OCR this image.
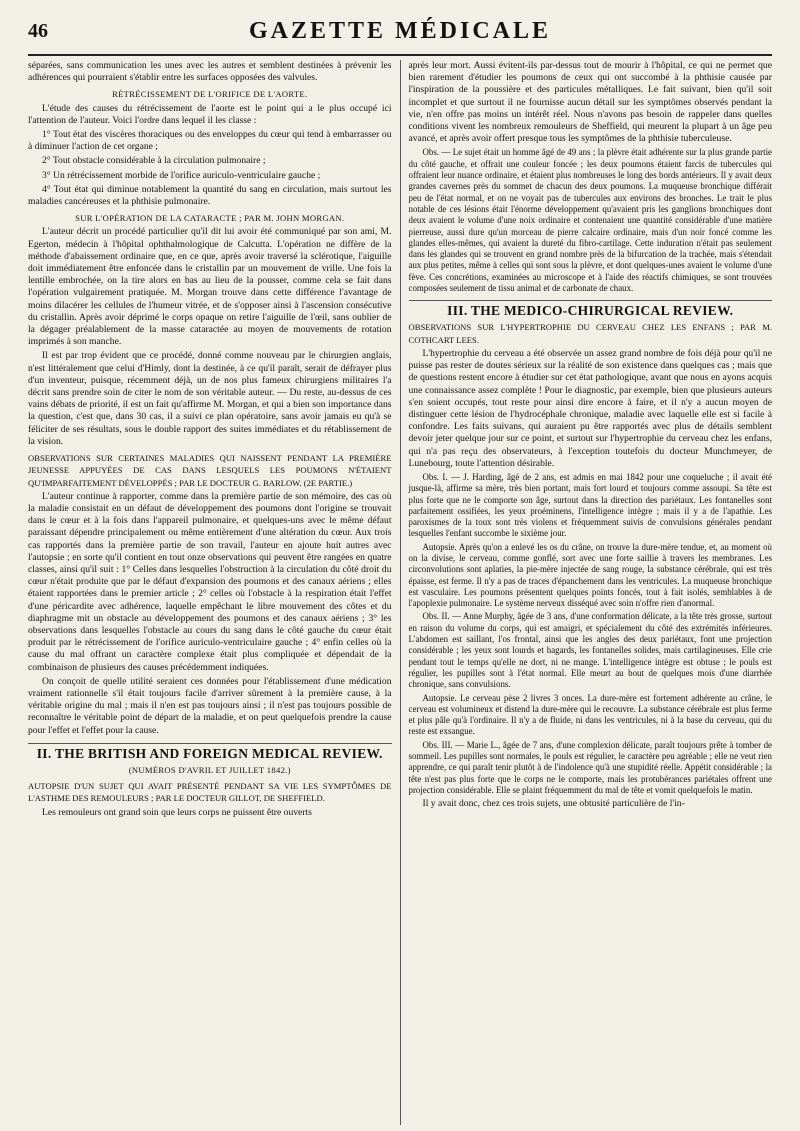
46	GAZETTE MÉDICALE

séparées, sans communication les unes avec les autres et semblent destinées à prévenir les adhérences qui pourraient s'établir entre les surfaces opposées des valvules.

RÉTRÉCISSEMENT DE L'ORIFICE DE L'AORTE.

L'étude des causes du rétrécissement de l'aorte est le point qui a le plus occupé ici l'attention de l'auteur. Voici l'ordre dans lequel il les classe :

1° Tout état des viscères thoraciques ou des enveloppes du cœur qui tend à embarrasser ou à diminuer l'action de cet organe ;

2° Tout obstacle considérable à la circulation pulmonaire ;

3° Un rétrécissement morbide de l'orifice auriculo-ventriculaire gauche ;

4° Tout état qui diminue notablement la quantité du sang en circulation, mais surtout les maladies cancéreuses et la phthisie pulmonaire.

SUR L'OPÉRATION DE LA CATARACTE ; PAR M. JOHN MORGAN.

L'auteur décrit un procédé particulier qu'il dit lui avoir été communiqué par son ami, M. Egerton, médecin à l'hôpital ophthalmologique de Calcutta. L'opération ne diffère de la méthode d'abaissement ordinaire que, en ce que, après avoir traversé la sclérotique, l'aiguille doit immédiatement être enfoncée dans le cristallin par un mouvement de vrille. Une fois la lentille embrochée, on la tire alors en bas au lieu de la pousser, comme cela se fait dans l'opération vulgairement pratiquée. M. Morgan trouve dans cette différence l'avantage de moins dilacérer les cellules de l'humeur vitrée, et de s'opposer ainsi à l'ascension consécutive du cristallin. Après avoir déprimé le corps opaque on retire l'aiguille de l'œil, sans oublier de la dégager préalablement de la masse cataractée au moyen de mouvements de rotation imprimés à son manche.

Il est par trop évident que ce procédé, donné comme nouveau par le chirurgien anglais, n'est littéralement que celui d'Himly, dont la destinée, à ce qu'il paraît, serait de défrayer plus d'un inventeur, puisque, récemment déjà, un de nos plus fameux chirurgiens militaires l'a décrit sans prendre soin de citer le nom de son véritable auteur. — Du reste, au-dessus de ces vains débats de priorité, il est un fait qu'affirme M. Morgan, et qui a bien son importance dans la question, c'est que, dans 30 cas, il a suivi ce plan opératoire, sans avoir jamais eu qu'à se féliciter de ses résultats, sous le double rapport des suites immédiates et du rétablissement de la vision.

OBSERVATIONS SUR CERTAINES MALADIES QUI NAISSENT PENDANT LA PREMIÈRE JEUNESSE APPUYÉES DE CAS DANS LESQUELS LES POUMONS N'ÉTAIENT QU'IMPARFAITEMENT DÉVELOPPÉS ; PAR LE DOCTEUR G. BARLOW. (2E PARTIE.)

L'auteur continue à rapporter, comme dans la première partie de son mémoire, des cas où la maladie consistait en un défaut de développement des poumons dont l'origine se trouvait dans le cœur et à la fois dans l'appareil pulmonaire, et quelques-uns avec le même défaut paraissant dépendre principalement ou même entièrement d'une altération du cœur. Aux trois cas rapportés dans la première partie de son travail, l'auteur en ajoute huit autres avec l'autopsie ; en sorte qu'il contient en tout onze observations qui peuvent être rangées en quatre classes, ainsi qu'il suit : 1° Celles dans lesquelles l'obstruction à la circulation du côté droit du cœur n'était produite que par le défaut d'expansion des poumons et des canaux aériens ; elles étaient rapportées dans le premier article ; 2° celles où l'obstacle à la respiration était l'effet d'une péricardite avec adhérence, laquelle empêchant le libre mouvement des côtes et du diaphragme mit un obstacle au développement des poumons et des canaux aériens ; 3° les observations dans lesquelles l'obstacle au cours du sang dans le côté gauche du cœur était produit par le rétrécissement de l'orifice auriculo-ventriculaire gauche ; 4° enfin celles où la cause du mal offrant un caractère complexe était plus compliquée et dépendait de la combinaison de plusieurs des causes précédemment indiquées.

On conçoit de quelle utilité seraient ces données pour l'établissement d'une médication vraiment rationnelle s'il était toujours facile d'arriver sûrement à la première cause, à la véritable origine du mal ; mais il n'en est pas toujours ainsi ; il n'est pas toujours possible de reconnaître le véritable point de départ de la maladie, et on peut quelquefois prendre la cause pour l'effet et l'effet pour la cause.

II. THE BRITISH AND FOREIGN MEDICAL REVIEW.

(NUMÉROS D'AVRIL ET JUILLET 1842.)

AUTOPSIE D'UN SUJET QUI AVAIT PRÉSENTÉ PENDANT SA VIE LES SYMPTÔMES DE L'ASTHME DES REMOULEURS ; PAR LE DOCTEUR GILLOT, DE SHEFFIELD.

Les remouleurs ont grand soin que leurs corps ne puissent être ouverts

après leur mort. Aussi évitent-ils par-dessus tout de mourir à l'hôpital, ce qui ne permet que bien rarement d'étudier les poumons de ceux qui ont succombé à la phthisie causée par l'inspiration de la poussière et des particules métalliques. Le fait suivant, bien qu'il soit incomplet et que surtout il ne fournisse aucun détail sur les symptômes observés pendant la vie, n'en offre pas moins un intérêt réel. Nous n'avons pas besoin de rappeler dans quelles conditions vivent les nombreux remouleurs de Sheffield, qui meurent la plupart à un âge peu avancé, et après avoir offert presque tous les symptômes de la phthisie tuberculeuse.

Obs. — Le sujet était un homme âgé de 49 ans ; la plèvre était adhérente sur la plus grande partie du côté gauche, et offrait une couleur foncée ; les deux poumons étaient farcis de tubercules qui offraient leur nuance ordinaire, et étaient plus nombreuses le long des bords antérieurs. Il y avait deux grandes cavernes près du sommet de chacun des deux poumons. La muqueuse bronchique différait peu de l'état normal, et on ne voyait pas de tubercules aux environs des bronches. Le trait le plus notable de ces lésions était l'énorme développement qu'avaient pris les ganglions bronchiques dont deux avaient le volume d'une noix ordinaire et contenaient une quantité considérable d'une matière pierreuse, aussi dure qu'un morceau de pierre calcaire ordinaire, mais d'un noir foncé comme les glandes elles-mêmes, qui avaient la dureté du fibro-cartilage. Cette induration n'était pas seulement dans les glandes qui se trouvent en grand nombre près de la bifurcation de la trachée, mais s'étendait aux plus petites, même à celles qui sont sous la plèvre, et dont quelques-unes avaient le volume d'une fève. Ces concrétions, examinées au microscope et à l'aide des réactifs chimiques, se sont trouvées composées seulement de tissu animal et de carbonate de chaux.

III. THE MEDICO-CHIRURGICAL REVIEW.

OBSERVATIONS SUR L'HYPERTROPHIE DU CERVEAU CHEZ LES ENFANS ; PAR M. COTHCART LEES.

L'hypertrophie du cerveau a été observée un assez grand nombre de fois déjà pour qu'il ne puisse pas rester de doutes sérieux sur la réalité de son existence dans quelques cas ; mais que de questions restent encore à étudier sur cet état pathologique, avant que nous en ayons acquis une connaissance assez complète ! Pour le diagnostic, par exemple, bien que plusieurs auteurs s'en soient occupés, tout reste pour ainsi dire encore à faire, et il n'y a aucun moyen de distinguer cette lésion de l'hydrocéphale chronique, maladie avec laquelle elle est si facile à confondre. Les faits suivans, qui auraient pu être rapportés avec plus de détails semblent devoir jeter quelque jour sur ce point, et surtout sur l'hypertrophie du cerveau chez les enfans, qui n'a pas reçu des observateurs, à l'exception toutefois du docteur Munchmeyer, de Lunebourg, toute l'attention désirable.

Obs. I. — J. Harding, âgé de 2 ans, est admis en mai 1842 pour une coqueluche ; il avait été jusque-là, affirme sa mère, très bien portant, mais fort lourd et toujours comme assoupi. Sa tête est plus forte que ne le comporte son âge, surtout dans la direction des pariétaux. Les fontanelles sont parfaitement ossifiées, les yeux proéminens, l'intelligence intègre ; mais il y a de l'apathie. Les paroxismes de la toux sont très violens et fréquemment suivis de convulsions générales pendant lesquelles l'enfant succombe le sixième jour.

Autopsie. Après qu'on a enlevé les os du crâne, on trouve la dure-mère tendue, et, au moment où on la divise, le cerveau, comme gonflé, sort avec une forte saillie à travers les membranes. Les circonvolutions sont aplaties, la pie-mère injectée de sang rouge, la substance cérébrale, qui est très épaisse, est ferme. Il n'y a pas de traces d'épanchement dans les ventricules. La muqueuse bronchique est vasculaire. Les poumons présentent quelques points foncés, tout à fait isolés, semblables à de l'apoplexie pulmonaire. Le système nerveux disséqué avec soin n'offre rien d'anormal.

Obs. II. — Anne Murphy, âgée de 3 ans, d'une conformation délicate, a la tête très grosse, surtout en raison du volume du corps, qui est amaigri, et spécialement du côté des extrémités inférieures. L'abdomen est saillant, l'os frontal, ainsi que les angles des deux pariétaux, font une projection considérable ; les yeux sont lourds et hagards, les fontanelles solides, mais cartilagineuses. Elle crie pendant tout le temps qu'elle ne dort, ni ne mange. L'intelligence intègre est obtuse ; le pouls est régulier, les pupilles sont à l'état normal. Elle meurt au bout de quelques mois d'une diarrhée chronique, sans convulsions.

Autopsie. Le cerveau pèse 2 livres 3 onces. La dure-mère est fortement adhérente au crâne, le cerveau est volumineux et distend la dure-mère qui le recouvre. La substance cérébrale est plus ferme et plus pâle qu'à l'ordinaire. Il n'y a de fluide, ni dans les ventricules, ni à la base du cerveau, qui du reste est exsangue.

Obs. III. — Marie L., âgée de 7 ans, d'une complexion délicate, paraît toujours prête à tomber de sommeil. Les pupilles sont normales, le pouls est régulier, le caractère peu agréable ; elle ne veut rien apprendre, ce qui paraît tenir plutôt à de l'indolence qu'à une stupidité réelle. Appétit considérable ; la tête n'est pas plus forte que le corps ne le comporte, mais les protubérances pariétales offrent une projection considérable. Elle se plaint fréquemment du mal de tête et vomit quelquefois le matin.

Il y avait donc, chez ces trois sujets, une obtusité particulière de l'in-
